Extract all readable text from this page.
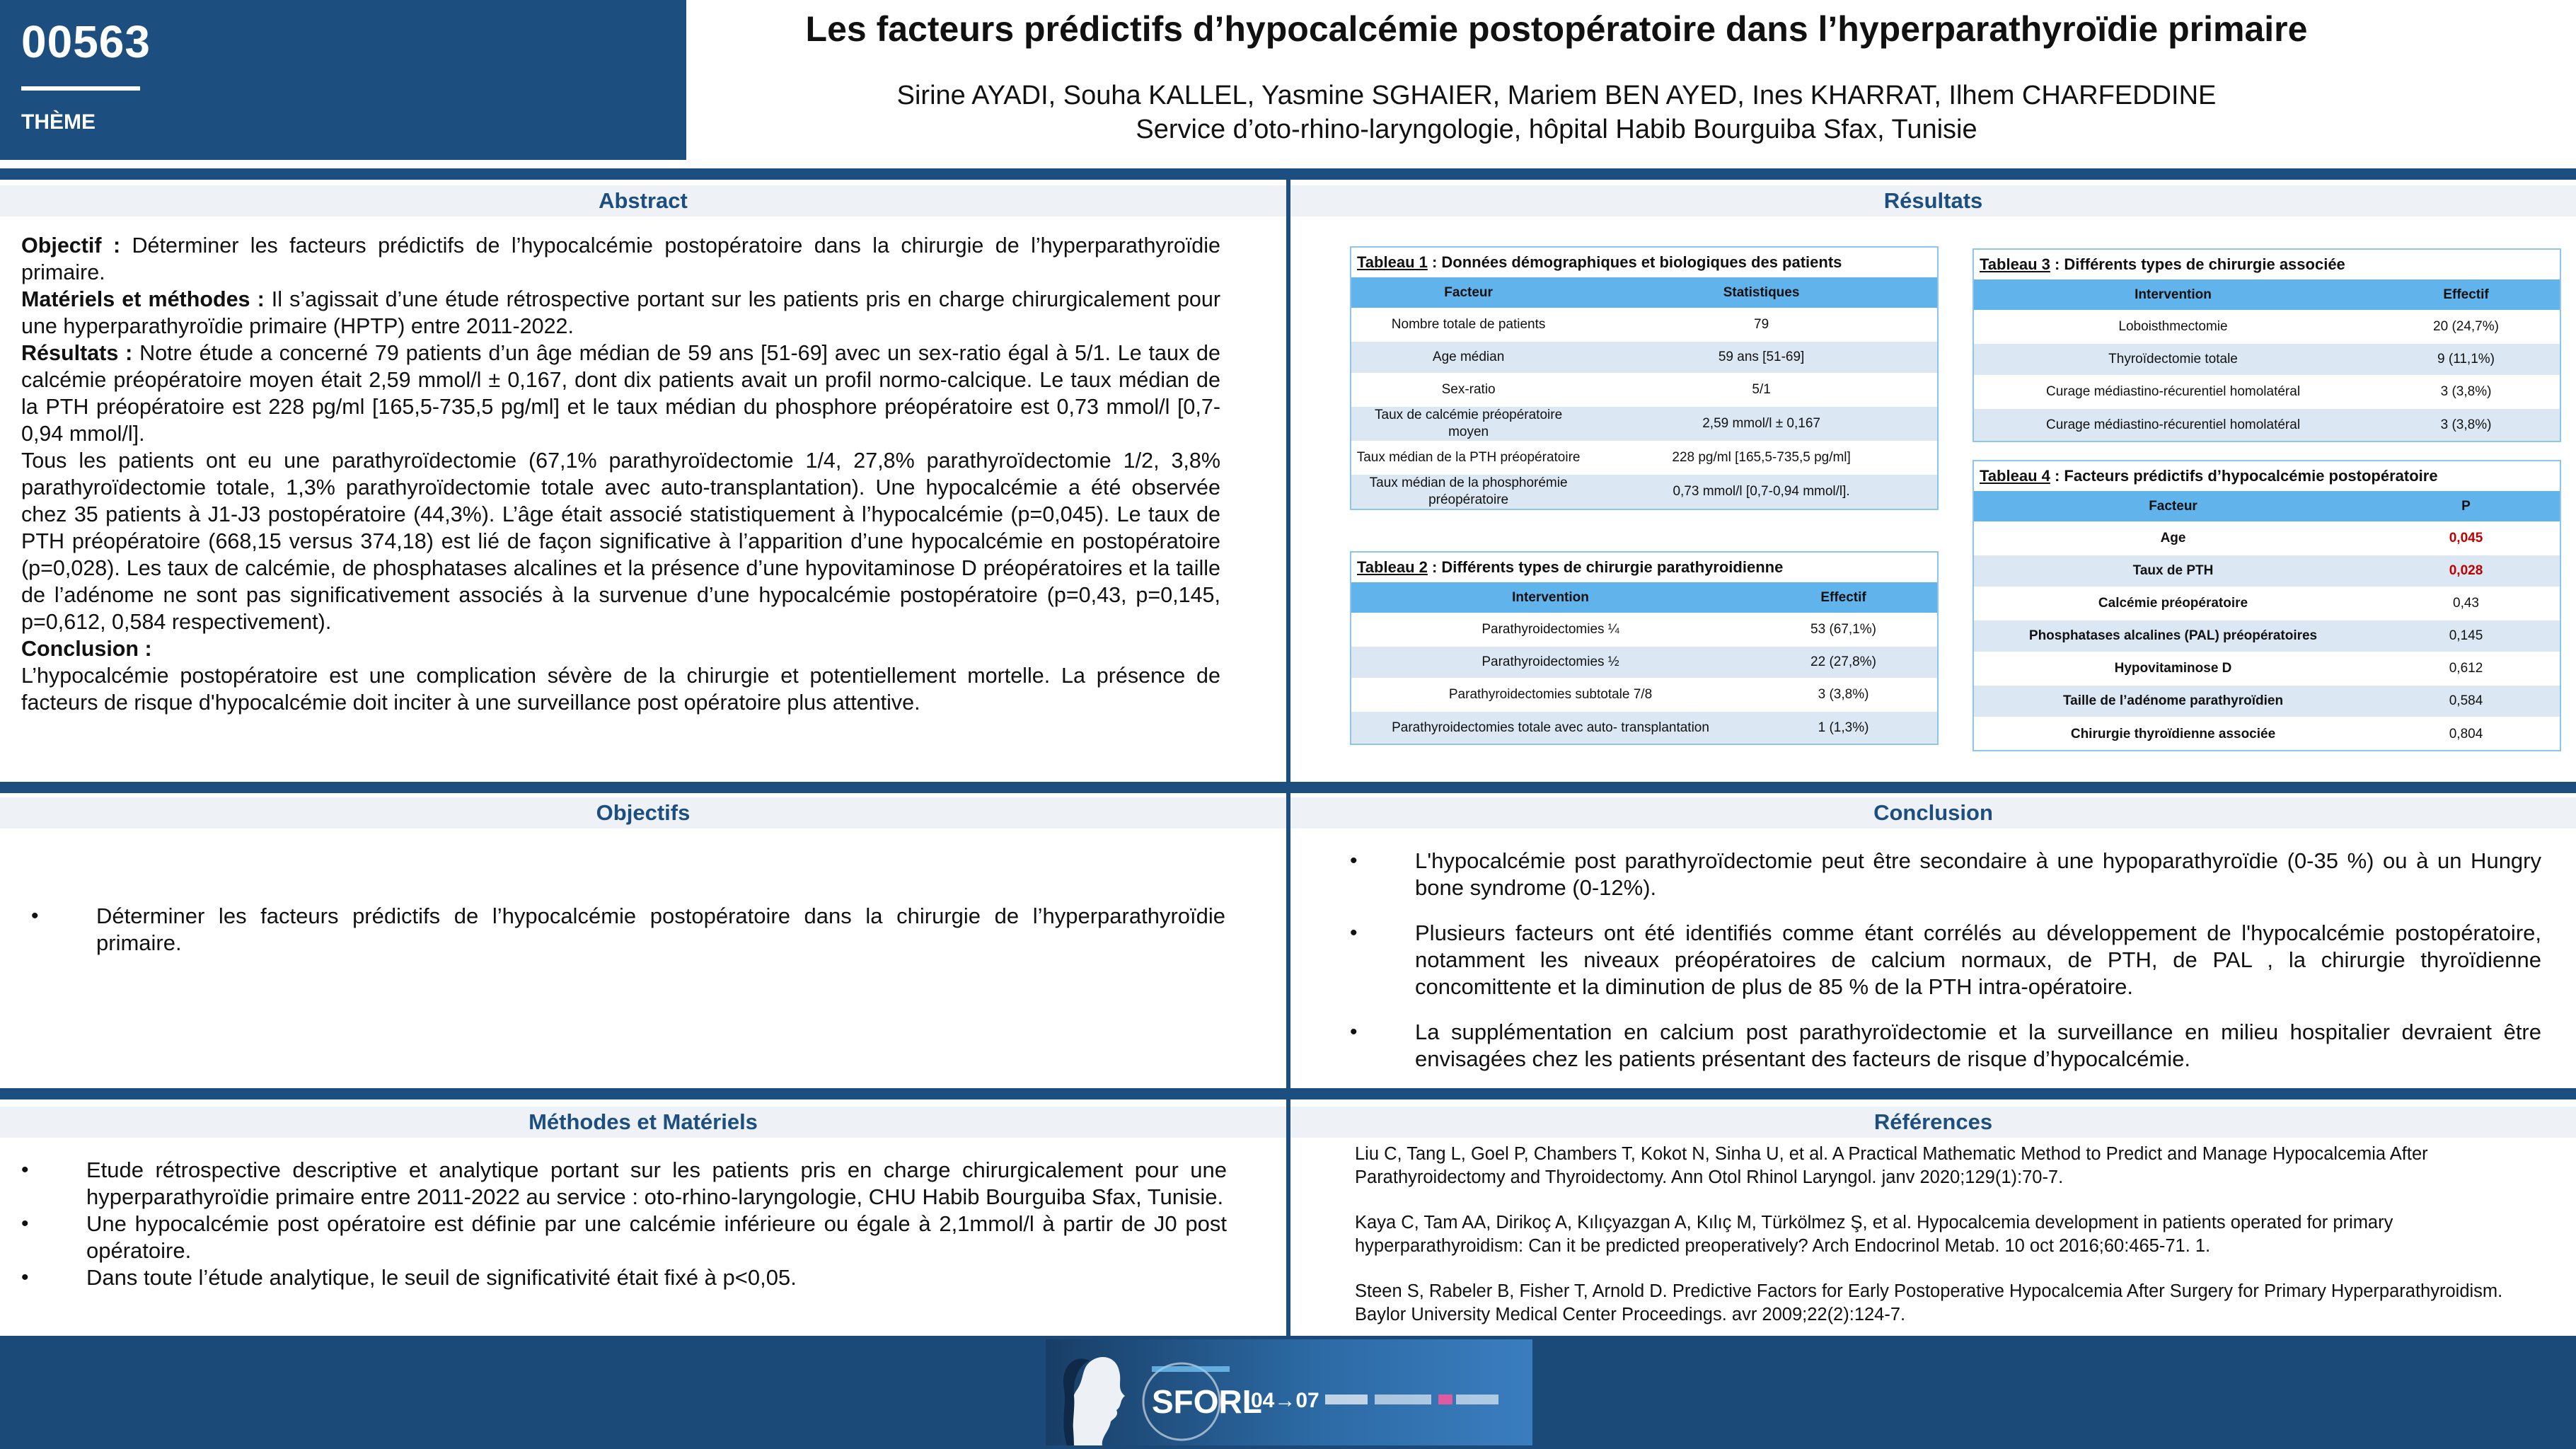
00563
THÈME
Les facteurs prédictifs d’hypocalcémie postopératoire dans l’hyperparathyroïdie primaire
Sirine AYADI, Souha KALLEL, Yasmine SGHAIER, Mariem BEN AYED, Ines KHARRAT, Ilhem CHARFEDDINE
Service d’oto-rhino-laryngologie, hôpital Habib Bourguiba Sfax, Tunisie
Abstract	Résultats
Objectifs	Conclusion
Méthodes et Matériels	Références

Objectif : Déterminer les facteurs prédictifs de l’hypocalcémie postopératoire dans la chirurgie de l’hyperparathyroïdie primaire.

Matériels et méthodes : Il s’agissait d’une étude rétrospective portant sur les patients pris en charge chirurgicalement pour une hyperparathyroïdie primaire (HPTP) entre 2011-2022.

Résultats : Notre étude a concerné 79 patients d’un âge médian de 59 ans [51-69] avec un sex-ratio égal à 5/1. Le taux de calcémie préopératoire moyen était 2,59 mmol/l ± 0,167, dont dix patients avait un profil normo-calcique. Le taux médian de la PTH préopératoire est 228 pg/ml [165,5-735,5 pg/ml] et le taux médian du phosphore préopératoire est 0,73 mmol/l [0,7-0,94 mmol/l].

Tous les patients ont eu une parathyroïdectomie (67,1% parathyroïdectomie 1/4, 27,8% parathyroïdectomie 1/2, 3,8% parathyroïdectomie totale, 1,3% parathyroïdectomie totale avec auto-transplantation). Une hypocalcémie a été observée chez 35 patients à J1-J3 postopératoire (44,3%). L’âge était associé statistiquement à l’hypocalcémie (p=0,045). Le taux de PTH préopératoire (668,15 versus 374,18) est lié de façon significative à l’apparition d’une hypocalcémie en postopératoire (p=0,028). Les taux de calcémie, de phosphatases alcalines et la présence d’une hypovitaminose D préopératoires et la taille de l’adénome ne sont pas significativement associés à la survenue d’une hypocalcémie postopératoire (p=0,43, p=0,145, p=0,612, 0,584 respectivement).

Conclusion :

L’hypocalcémie postopératoire est une complication sévère de la chirurgie et potentiellement mortelle. La présence de facteurs de risque d'hypocalcémie doit inciter à une surveillance post opératoire plus attentive.

Tableau 1 : Données démographiques et biologiques des patients
Facteur	Statistiques
Nombre totale de patients	79
Age médian	59 ans [51-69]
Sex-ratio	5/1
Taux de calcémie préopératoire moyen	2,59 mmol/l ± 0,167
Taux médian de la PTH préopératoire	228 pg/ml [165,5-735,5 pg/ml]
Taux médian de la phosphorémie préopératoire	0,73 mmol/l [0,7-0,94 mmol/l].
Tableau 2 : Différents types de chirurgie parathyroidienne
Intervention	Effectif
Parathyroidectomies ¼	53 (67,1%)
Parathyroidectomies ½	22 (27,8%)
Parathyroidectomies subtotale 7/8	3 (3,8%)
Parathyroidectomies totale avec auto- transplantation	1 (1,3%)
Tableau 3 : Différents types de chirurgie associée
Intervention	Effectif
Loboisthmectomie	20 (24,7%)
Thyroïdectomie totale	9 (11,1%)
Curage médiastino-récurentiel homolatéral	3 (3,8%)
Curage médiastino-récurentiel homolatéral	3 (3,8%)
Tableau 4 : Facteurs prédictifs d’hypocalcémie postopératoire
Facteur	P
Age	0,045
Taux de PTH	0,028
Calcémie préopératoire	0,43
Phosphatases alcalines (PAL) préopératoires	0,145
Hypovitaminose D	0,612
Taille de l’adénome parathyroïdien	0,584
Chirurgie thyroïdienne associée	0,804
•	Déterminer les facteurs prédictifs de l’hypocalcémie postopératoire dans la chirurgie de l’hyperparathyroïdie primaire.
•	L'hypocalcémie post parathyroïdectomie peut être secondaire à une hypoparathyroïdie (0-35 %) ou à un Hungry bone syndrome (0-12%).
•	Plusieurs facteurs ont été identifiés comme étant corrélés au développement de l'hypocalcémie postopératoire, notamment les niveaux préopératoires de calcium normaux, de PTH, de PAL , la chirurgie thyroïdienne concomittente et la diminution de plus de 85 % de la PTH intra-opératoire.
•	La supplémentation en calcium post parathyroïdectomie et la surveillance en milieu hospitalier devraient être envisagées chez les patients présentant des facteurs de risque d’hypocalcémie.
•	Etude rétrospective descriptive et analytique portant sur les patients pris en charge chirurgicalement pour une hyperparathyroïdie primaire entre 2011-2022 au service : oto-rhino-laryngologie, CHU Habib Bourguiba Sfax, Tunisie.
•	Une hypocalcémie post opératoire est définie par une calcémie inférieure ou égale à 2,1mmol/l à partir de J0 post opératoire.
•	Dans toute l’étude analytique, le seuil de significativité était fixé à p<0,05.

Liu C, Tang L, Goel P, Chambers T, Kokot N, Sinha U, et al. A Practical Mathematic Method to Predict and Manage Hypocalcemia After Parathyroidectomy and Thyroidectomy. Ann Otol Rhinol Laryngol. janv 2020;129(1):70-7.

Kaya C, Tam AA, Dirikoç A, Kılıçyazgan A, Kılıç M, Türkölmez Ş, et al. Hypocalcemia development in patients operated for primary hyperparathyroidism: Can it be predicted preoperatively? Arch Endocrinol Metab. 10 oct 2016;60:465-71. 1.

Steen S, Rabeler B, Fisher T, Arnold D. Predictive Factors for Early Postoperative Hypocalcemia After Surgery for Primary Hyperparathyroidism. Baylor University Medical Center Proceedings. avr 2009;22(2):124-7.

SFORL
04→07
